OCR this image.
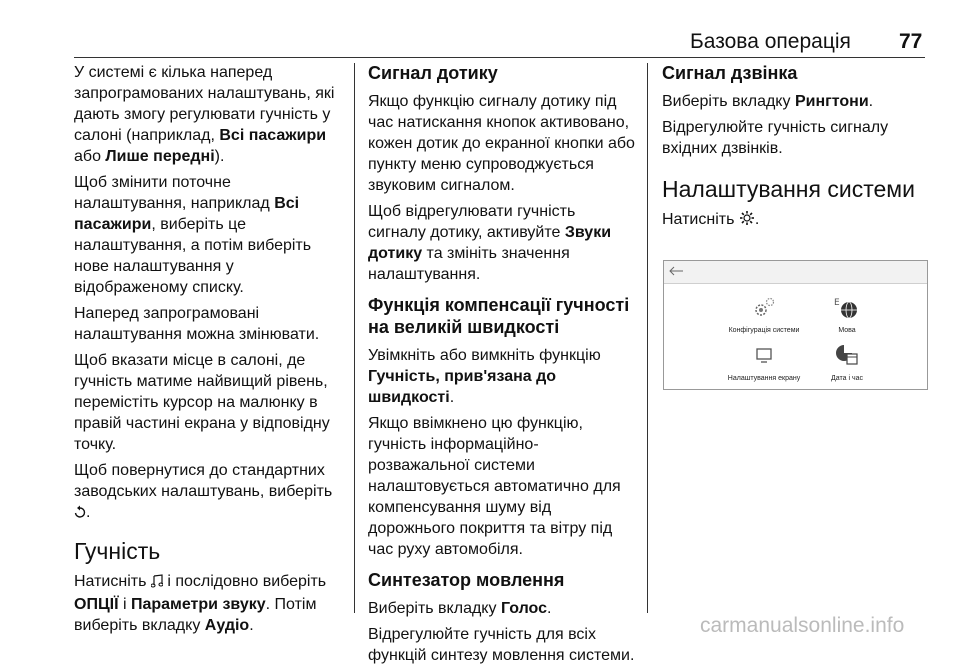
Базова операція 77

У системі є кілька наперед запрограмованих налаштувань, які дають змогу регулювати гучність у салоні (наприклад, Всі пасажири або Лише передні).

Щоб змінити поточне налаштування, наприклад Всі пасажири, виберіть це налаштування, а потім виберіть нове налаштування у відображеному списку.

Наперед запрограмовані налаштування можна змінювати.

Щоб вказати місце в салоні, де гучність матиме найвищий рівень, перемістіть курсор на малюнку в правій частині екрана у відповідну точку.

Щоб повернутися до стандартних заводських налаштувань, виберіть
.

Гучність

Натисніть  і послідовно виберіть ОПЦІЇ і Параметри звуку. Потім виберіть вкладку Аудіо.

Сигнал дотику

Якщо функцію сигналу дотику під час натискання кнопок активовано, кожен дотик до екранної кнопки або пункту меню супроводжується звуковим сигналом.

Щоб відрегулювати гучність сигналу дотику, активуйте Звуки дотику та змініть значення налаштування.

Функція компенсації гучності на великій швидкості

Увімкніть або вимкніть функцію Гучність, прив'язана до швидкості.

Якщо ввімкнено цю функцію, гучність інформаційно-розважальної системи налаштовується автоматично для компенсування шуму від дорожнього покриття та вітру під час руху автомобіля.

Синтезатор мовлення

Виберіть вкладку Голос.

Відрегулюйте гучність для всіх функцій синтезу мовлення системи.

Сигнал дзвінка

Виберіть вкладку Рингтони.

Відрегулюйте гучність сигналу вхідних дзвінків.

Налаштування системи

Натисніть .

Конфігурація системи
E
Мова
Налаштування екрану	Дата і час
carmanualsonline.info
